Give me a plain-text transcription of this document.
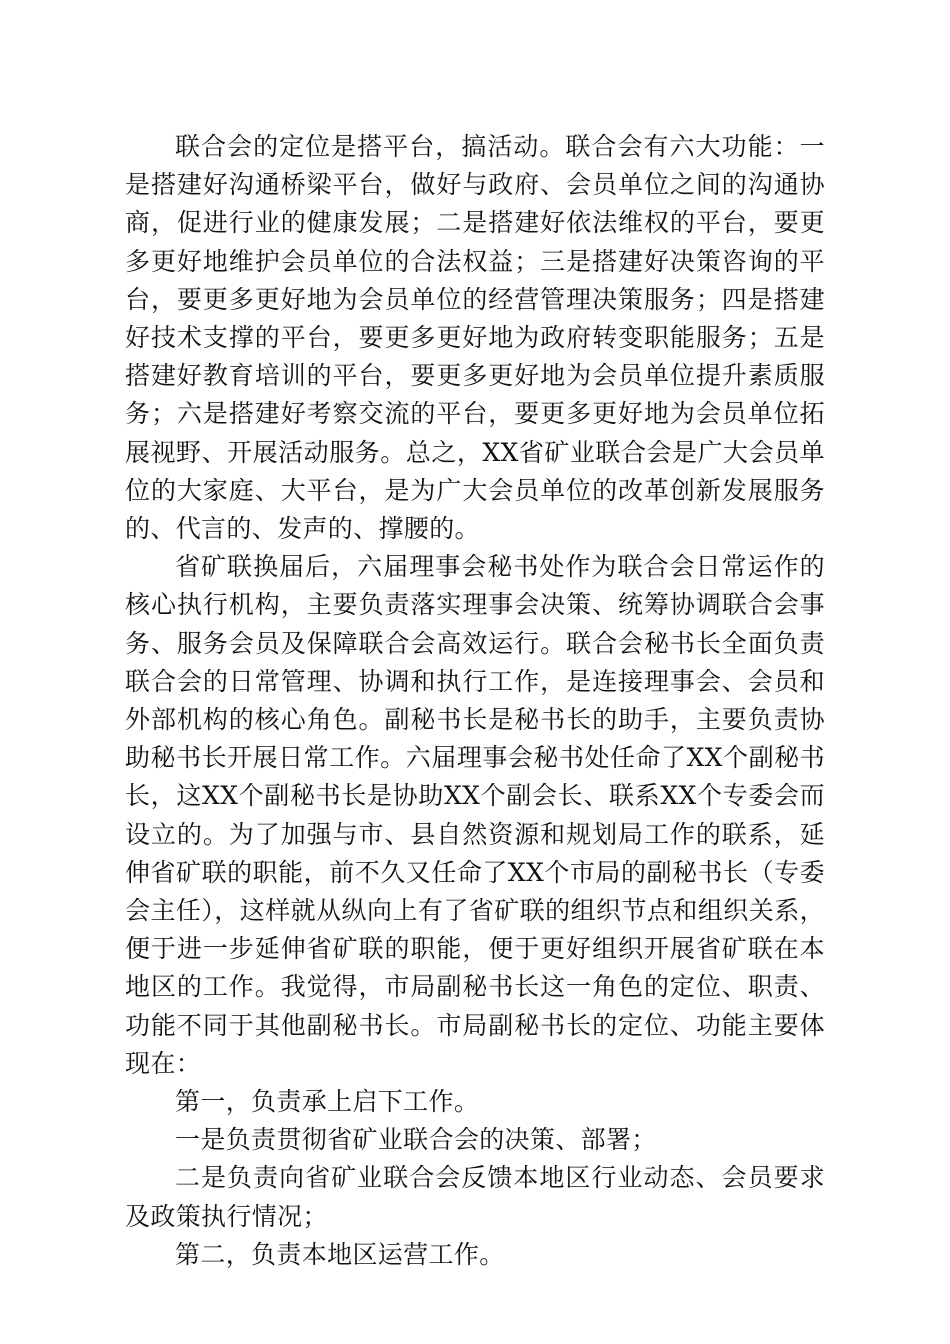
联合会的定位是搭平台，搞活动。联合会有六大功能：一是搭建好沟通桥梁平台，做好与政府、会员单位之间的沟通协商，促进行业的健康发展；二是搭建好依法维权的平台，要更多更好地维护会员单位的合法权益；三是搭建好决策咨询的平台，要更多更好地为会员单位的经营管理决策服务；四是搭建好技术支撑的平台，要更多更好地为政府转变职能服务；五是搭建好教育培训的平台，要更多更好地为会员单位提升素质服务；六是搭建好考察交流的平台，要更多更好地为会员单位拓展视野、开展活动服务。总之，XX省矿业联合会是广大会员单位的大家庭、大平台，是为广大会员单位的改革创新发展服务的、代言的、发声的、撑腰的。

省矿联换届后，六届理事会秘书处作为联合会日常运作的核心执行机构，主要负责落实理事会决策、统筹协调联合会事务、服务会员及保障联合会高效运行。联合会秘书长全面负责联合会的日常管理、协调和执行工作，是连接理事会、会员和外部机构的核心角色。副秘书长是秘书长的助手，主要负责协助秘书长开展日常工作。六届理事会秘书处任命了XX个副秘书长，这XX个副秘书长是协助XX个副会长、联系XX个专委会而设立的。为了加强与市、县自然资源和规划局工作的联系，延伸省矿联的职能，前不久又任命了XX个市局的副秘书长（专委会主任），这样就从纵向上有了省矿联的组织节点和组织关系，便于进一步延伸省矿联的职能，便于更好组织开展省矿联在本地区的工作。我觉得，市局副秘书长这一角色的定位、职责、功能不同于其他副秘书长。市局副秘书长的定位、功能主要体现在：

第一，负责承上启下工作。

一是负责贯彻省矿业联合会的决策、部署；

二是负责向省矿业联合会反馈本地区行业动态、会员要求及政策执行情况；

第二，负责本地区运营工作。
